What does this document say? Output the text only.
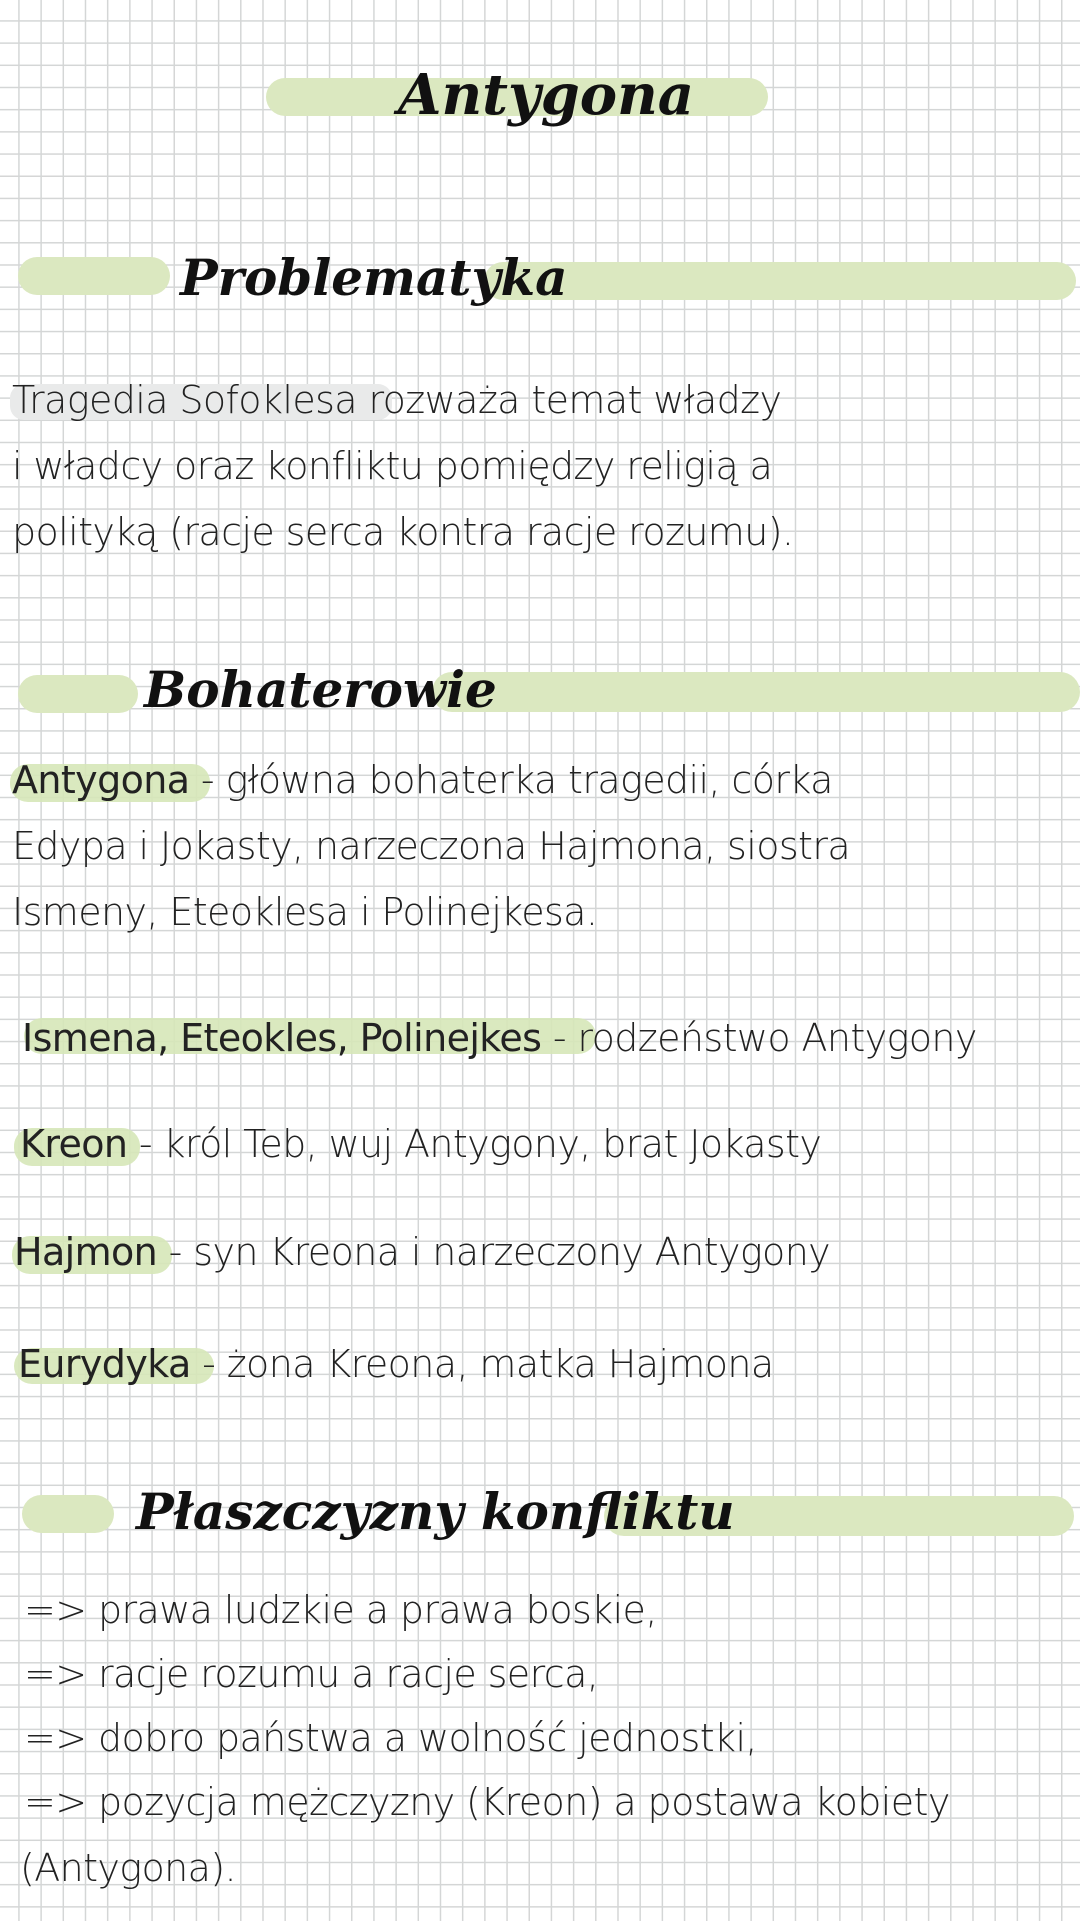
Antygona
Problematyka
Tragedia Sofoklesa rozważa temat władzy
i władcy oraz konfliktu pomiędzy religią a
polityką (racje serca kontra racje rozumu).
Bohaterowie
Antygona - główna bohaterka tragedii, córka
Edypa i Jokasty, narzeczona Hajmona, siostra
Ismeny, Eteoklesa i Polinejkesa.
Ismena, Eteokles, Polinejkes - rodzeństwo Antygony
Kreon - król Teb, wuj Antygony, brat Jokasty
Hajmon - syn Kreona i narzeczony Antygony
Eurydyka - żona Kreona, matka Hajmona
Płaszczyzny konfliktu
=> prawa ludzkie a prawa boskie,
=> racje rozumu a racje serca,
=> dobro państwa a wolność jednostki,
=> pozycja mężczyzny (Kreon) a postawa kobiety
(Antygona).
